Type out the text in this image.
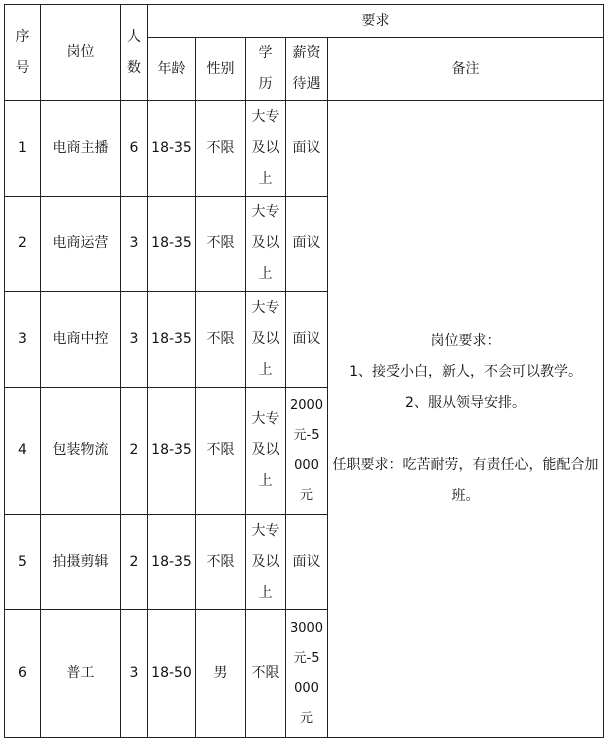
序号	岗位	人数	要求				
			年龄	性别	学历	薪资待遇	备注
1	电商主播	6	18-35	不限	大专及以上	面议	岗位要求：

1、接受小白，新人，不会可以教学。

2、服从领导安排。

任职要求：吃苦耐劳，有责任心，能配合加班。

2	电商运营	3	18-35	不限	大专及以上	面议	
3	电商中控	3	18-35	不限	大专及以上	面议	
4	包装物流	2	18-35	不限	大专及以上	2000元-5000元	

5	拍摄剪辑	2	18-35	不限	大专及以上	面议	
6	普工	3	18-50	男	不限	3000元-5000元	
